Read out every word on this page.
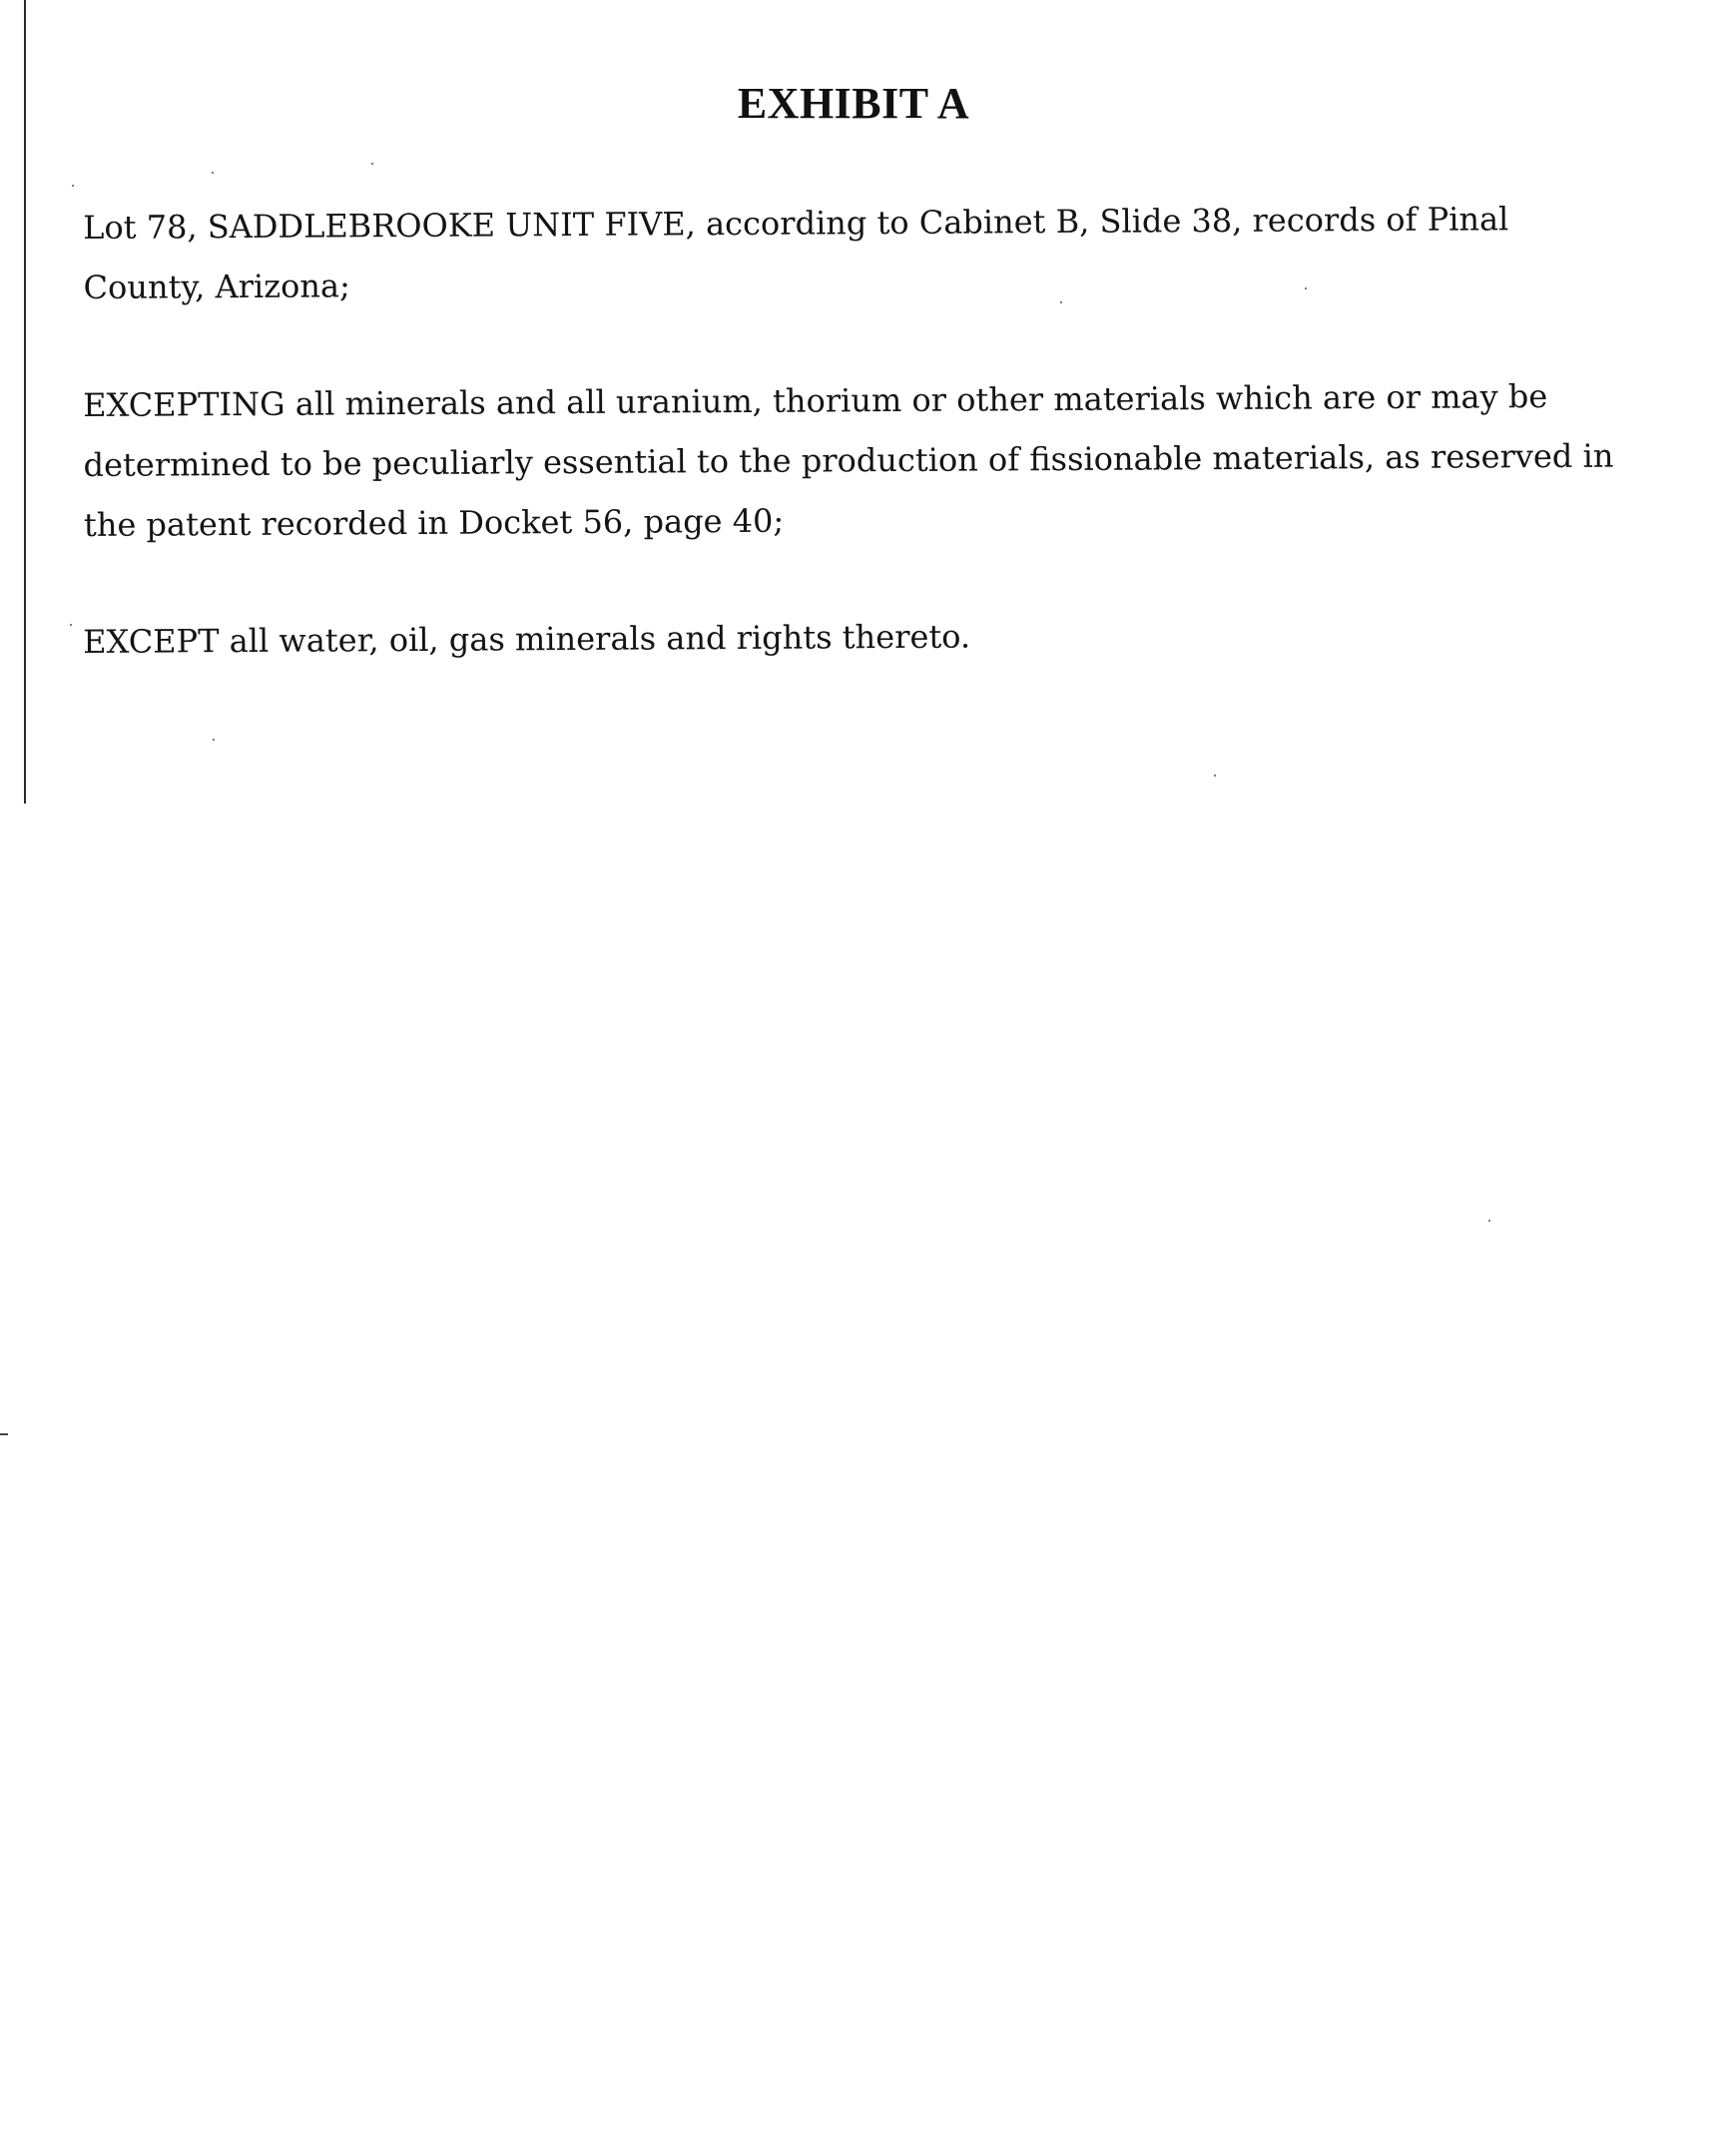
EXHIBIT A

Lot 78, SADDLEBROOKE UNIT FIVE, according to Cabinet B, Slide 38, records of Pinal County, Arizona;

EXCEPTING all minerals and all uranium, thorium or other materials which are or may be determined to be peculiarly essential to the production of fissionable materials, as reserved in the patent recorded in Docket 56, page 40;

EXCEPT all water, oil, gas minerals and rights thereto.
